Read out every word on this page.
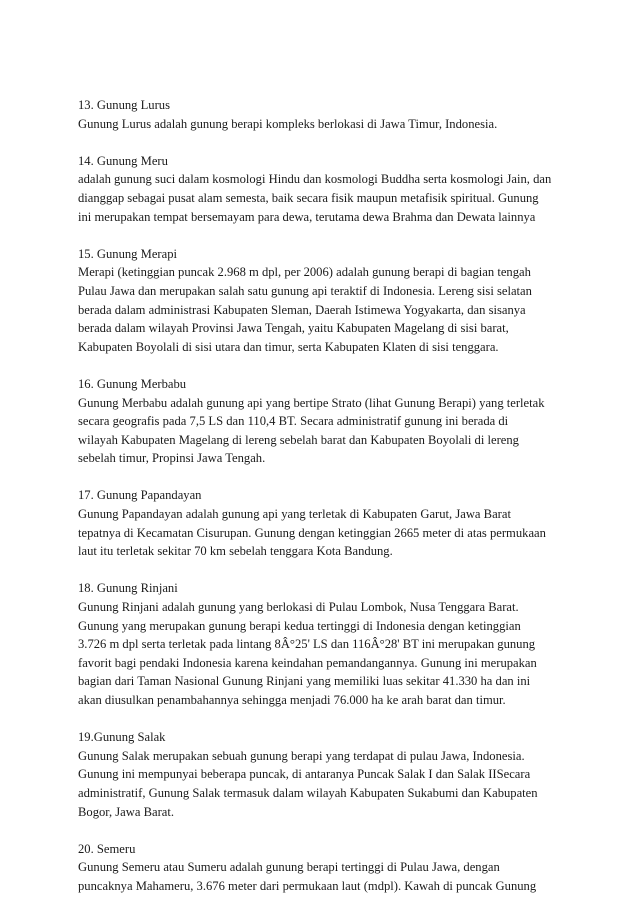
13. Gunung Lurus
Gunung Lurus adalah gunung berapi kompleks berlokasi di Jawa Timur, Indonesia.
14. Gunung Meru
adalah gunung suci dalam kosmologi Hindu dan kosmologi Buddha serta kosmologi Jain, dan
dianggap sebagai pusat alam semesta, baik secara fisik maupun metafisik spiritual. Gunung
ini merupakan tempat bersemayam para dewa, terutama dewa Brahma dan Dewata lainnya
15. Gunung Merapi
Merapi (ketinggian puncak 2.968 m dpl, per 2006) adalah gunung berapi di bagian tengah
Pulau Jawa dan merupakan salah satu gunung api teraktif di Indonesia. Lereng sisi selatan
berada dalam administrasi Kabupaten Sleman, Daerah Istimewa Yogyakarta, dan sisanya
berada dalam wilayah Provinsi Jawa Tengah, yaitu Kabupaten Magelang di sisi barat,
Kabupaten Boyolali di sisi utara dan timur, serta Kabupaten Klaten di sisi tenggara.
16. Gunung Merbabu
Gunung Merbabu adalah gunung api yang bertipe Strato (lihat Gunung Berapi) yang terletak
secara geografis pada 7,5 LS dan 110,4 BT. Secara administratif gunung ini berada di
wilayah Kabupaten Magelang di lereng sebelah barat dan Kabupaten Boyolali di lereng
sebelah timur, Propinsi Jawa Tengah.
17. Gunung Papandayan
Gunung Papandayan adalah gunung api yang terletak di Kabupaten Garut, Jawa Barat
tepatnya di Kecamatan Cisurupan. Gunung dengan ketinggian 2665 meter di atas permukaan
laut itu terletak sekitar 70 km sebelah tenggara Kota Bandung.
18. Gunung Rinjani
Gunung Rinjani adalah gunung yang berlokasi di Pulau Lombok, Nusa Tenggara Barat.
Gunung yang merupakan gunung berapi kedua tertinggi di Indonesia dengan ketinggian
3.726 m dpl serta terletak pada lintang 8Â°25' LS dan 116Â°28' BT ini merupakan gunung
favorit bagi pendaki Indonesia karena keindahan pemandangannya. Gunung ini merupakan
bagian dari Taman Nasional Gunung Rinjani yang memiliki luas sekitar 41.330 ha dan ini
akan diusulkan penambahannya sehingga menjadi 76.000 ha ke arah barat dan timur.
19.Gunung Salak
Gunung Salak merupakan sebuah gunung berapi yang terdapat di pulau Jawa, Indonesia.
Gunung ini mempunyai beberapa puncak, di antaranya Puncak Salak I dan Salak IISecara
administratif, Gunung Salak termasuk dalam wilayah Kabupaten Sukabumi dan Kabupaten
Bogor, Jawa Barat.
20. Semeru
Gunung Semeru atau Sumeru adalah gunung berapi tertinggi di Pulau Jawa, dengan
puncaknya Mahameru, 3.676 meter dari permukaan laut (mdpl). Kawah di puncak Gunung
